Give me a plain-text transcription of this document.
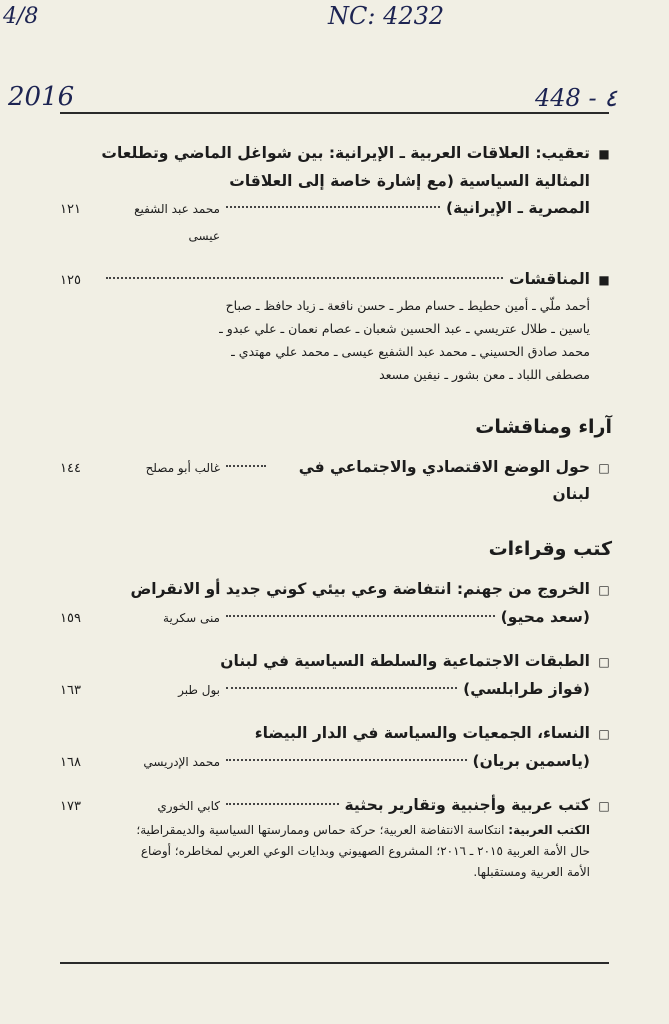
4/8	NC: 4232
2016	448 - ٤
■
تعقيب: العلاقات العربية ـ الإيرانية: بين شواغل الماضي وتطلعات
المثالية السياسية (مع إشارة خاصة إلى العلاقات
المصرية ـ الإيرانية)
محمد عبد الشفيع عيسى
١٢١
■
المناقشات
١٢٥
أحمد ملّي ـ أمين حطيط ـ حسام مطر ـ حسن نافعة ـ زياد حافظ ـ صباح
ياسين ـ طلال عتريسي ـ عبد الحسين شعبان ـ عصام نعمان ـ علي عبدو ـ
محمد صادق الحسيني ـ محمد عبد الشفيع عيسى ـ محمد علي مهتدي ـ
مصطفى اللباد ـ معن بشور ـ نيفين مسعد
آراء ومناقشات
□
حول الوضع الاقتصادي والاجتماعي في لبنان
غالب أبو مصلح
١٤٤
كتب وقراءات
□
الخروج من جهنم: انتفاضة وعي بيئي كوني جديد أو الانقراض
(سعد محيو)
منى سكرية
١٥٩
□
الطبقات الاجتماعية والسلطة السياسية في لبنان
(فواز طرابلسي)
بول طبر
١٦٣
□
النساء، الجمعيات والسياسة في الدار البيضاء
(ياسمين بريان)
محمد الإدريسي
١٦٨
□
كتب عربية وأجنبية وتقارير بحثية
كابي الخوري
١٧٣
الكتب العربية: انتكاسة الانتفاضة العربية؛ حركة حماس وممارستها السياسية والديمقراطية؛ حال الأمة العربية ٢٠١٥ ـ ٢٠١٦؛ المشروع الصهيوني وبدايات الوعي العربي لمخاطره؛ أوضاع الأمة العربية ومستقبلها.
